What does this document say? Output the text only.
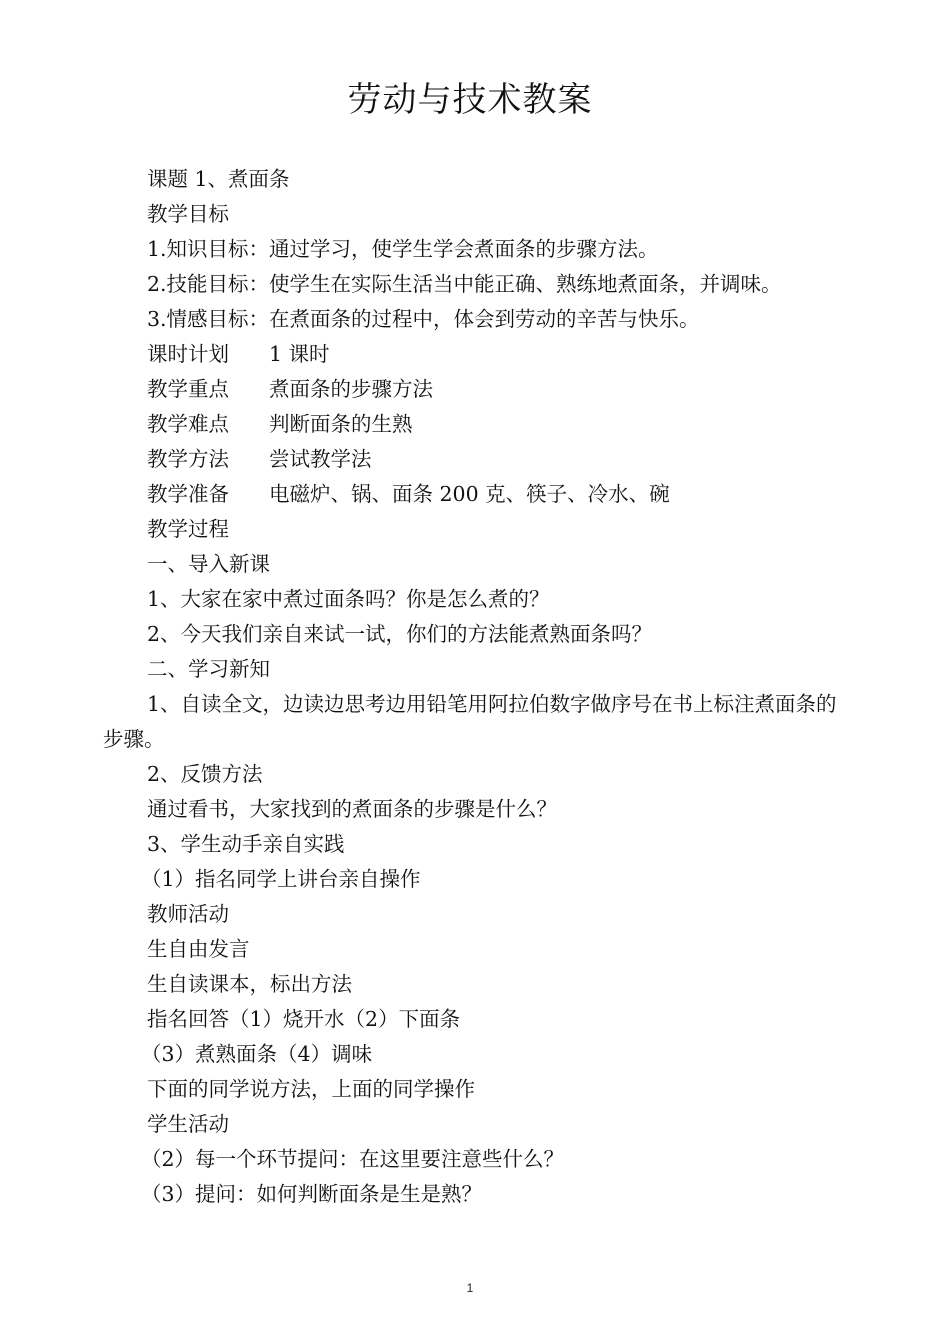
劳动与技术教案

课题 1、煮面条

教学目标

1.知识目标：通过学习，使学生学会煮面条的步骤方法。

2.技能目标：使学生在实际生活当中能正确、熟练地煮面条，并调味。

3.情感目标：在煮面条的过程中，体会到劳动的辛苦与快乐。

课时计划	1 课时
教学重点	煮面条的步骤方法
教学难点	判断面条的生熟
教学方法	尝试教学法
教学准备	电磁炉、锅、面条 200 克、筷子、冷水、碗

教学过程

一、导入新课

1、大家在家中煮过面条吗？你是怎么煮的？

2、今天我们亲自来试一试，你们的方法能煮熟面条吗？

二、学习新知

1、自读全文，边读边思考边用铅笔用阿拉伯数字做序号在书上标注煮面条的步骤。

2、反馈方法

通过看书，大家找到的煮面条的步骤是什么？

3、学生动手亲自实践

（1）指名同学上讲台亲自操作

教师活动

生自由发言

生自读课本，标出方法

指名回答（1）烧开水（2）下面条

（3）煮熟面条（4）调味

下面的同学说方法，上面的同学操作

学生活动

（2）每一个环节提问：在这里要注意些什么？

（3）提问：如何判断面条是生是熟？

1
